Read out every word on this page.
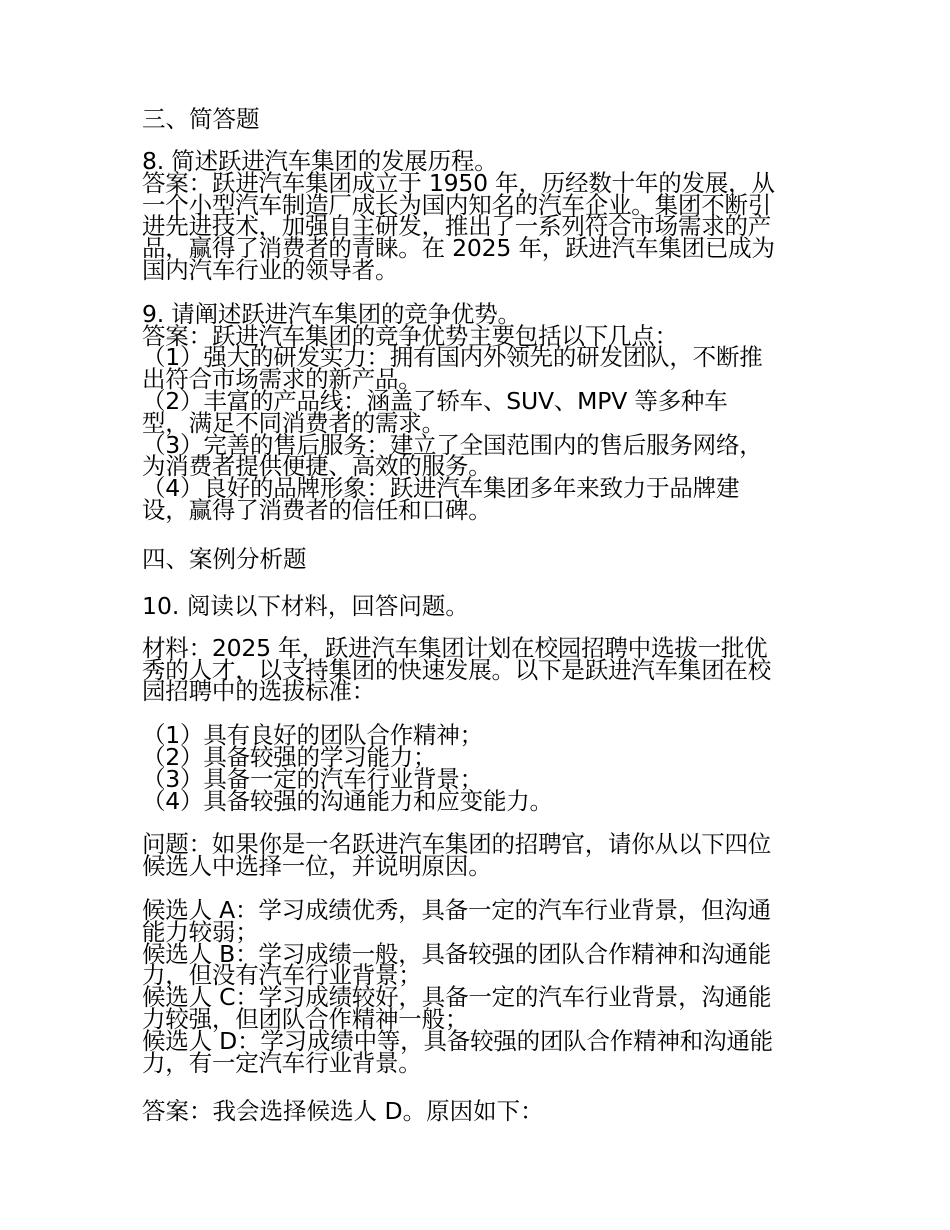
三、简答题
8. 简述跃进汽车集团的发展历程。
答案：跃进汽车集团成立于 1950 年，历经数十年的发展，从
一个小型汽车制造厂成长为国内知名的汽车企业。集团不断引
进先进技术，加强自主研发，推出了一系列符合市场需求的产
品，赢得了消费者的青睐。在 2025 年，跃进汽车集团已成为
国内汽车行业的领导者。
9. 请阐述跃进汽车集团的竞争优势。
答案：跃进汽车集团的竞争优势主要包括以下几点：
（1）强大的研发实力：拥有国内外领先的研发团队，不断推
出符合市场需求的新产品。
（2）丰富的产品线：涵盖了轿车、SUV、MPV 等多种车
型，满足不同消费者的需求。
（3）完善的售后服务：建立了全国范围内的售后服务网络，
为消费者提供便捷、高效的服务。
（4）良好的品牌形象：跃进汽车集团多年来致力于品牌建
设，赢得了消费者的信任和口碑。
四、案例分析题
10. 阅读以下材料，回答问题。
材料：2025 年，跃进汽车集团计划在校园招聘中选拔一批优
秀的人才，以支持集团的快速发展。以下是跃进汽车集团在校
园招聘中的选拔标准：
（1）具有良好的团队合作精神；
（2）具备较强的学习能力；
（3）具备一定的汽车行业背景；
（4）具备较强的沟通能力和应变能力。
问题：如果你是一名跃进汽车集团的招聘官，请你从以下四位
候选人中选择一位，并说明原因。
候选人 A：学习成绩优秀，具备一定的汽车行业背景，但沟通
能力较弱；
候选人 B：学习成绩一般，具备较强的团队合作精神和沟通能
力，但没有汽车行业背景；
候选人 C：学习成绩较好，具备一定的汽车行业背景，沟通能
力较强，但团队合作精神一般；
候选人 D：学习成绩中等，具备较强的团队合作精神和沟通能
力，有一定汽车行业背景。
答案：我会选择候选人 D。原因如下：
